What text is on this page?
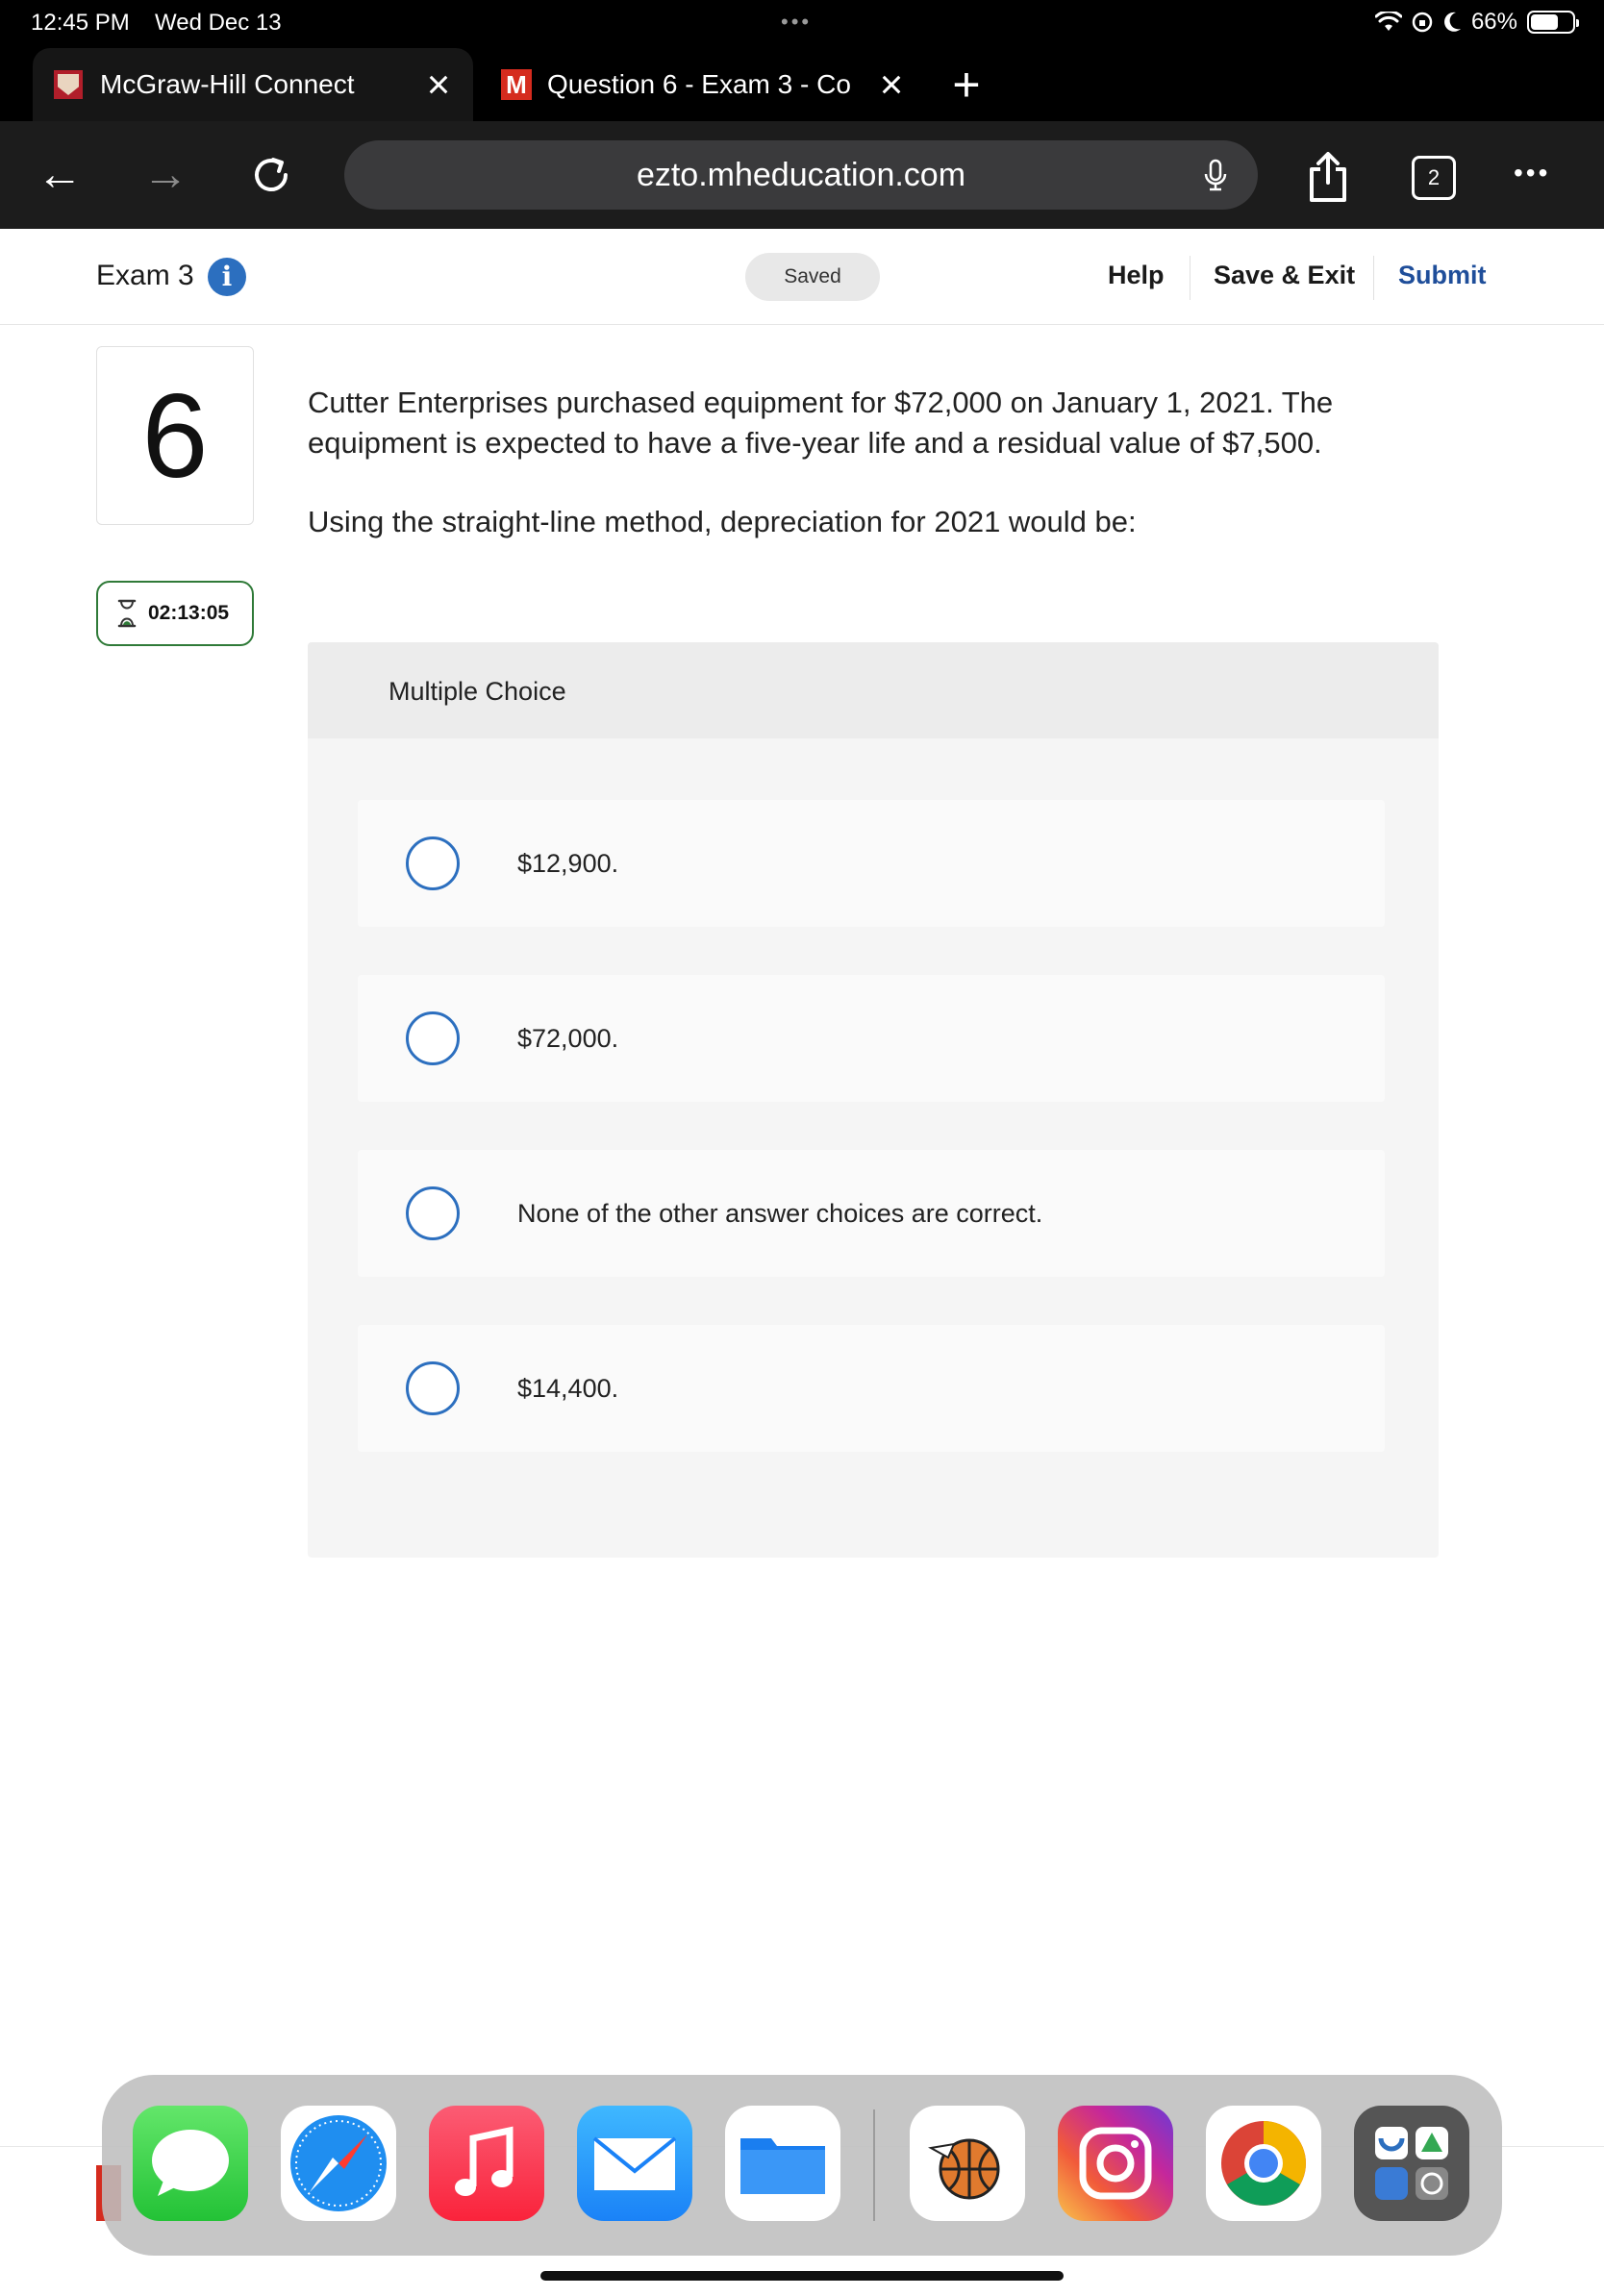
12:45 PM Wed Dec 13	•••	66%
McGraw-Hill Connect × M Question 6 - Exam 3 - Co × +
← →	ezto.mheducation.com	2	•••
Exam 3	i	Saved	Help Save & Exit Submit
6
02:13:05

Cutter Enterprises purchased equipment for $72,000 on January 1, 2021. The equipment is expected to have a five-year life and a residual value of $7,500.

Using the straight-line method, depreciation for 2021 would be:

Multiple Choice
$12,900.
$72,000.
None of the other answer choices are correct.
$14,400.
